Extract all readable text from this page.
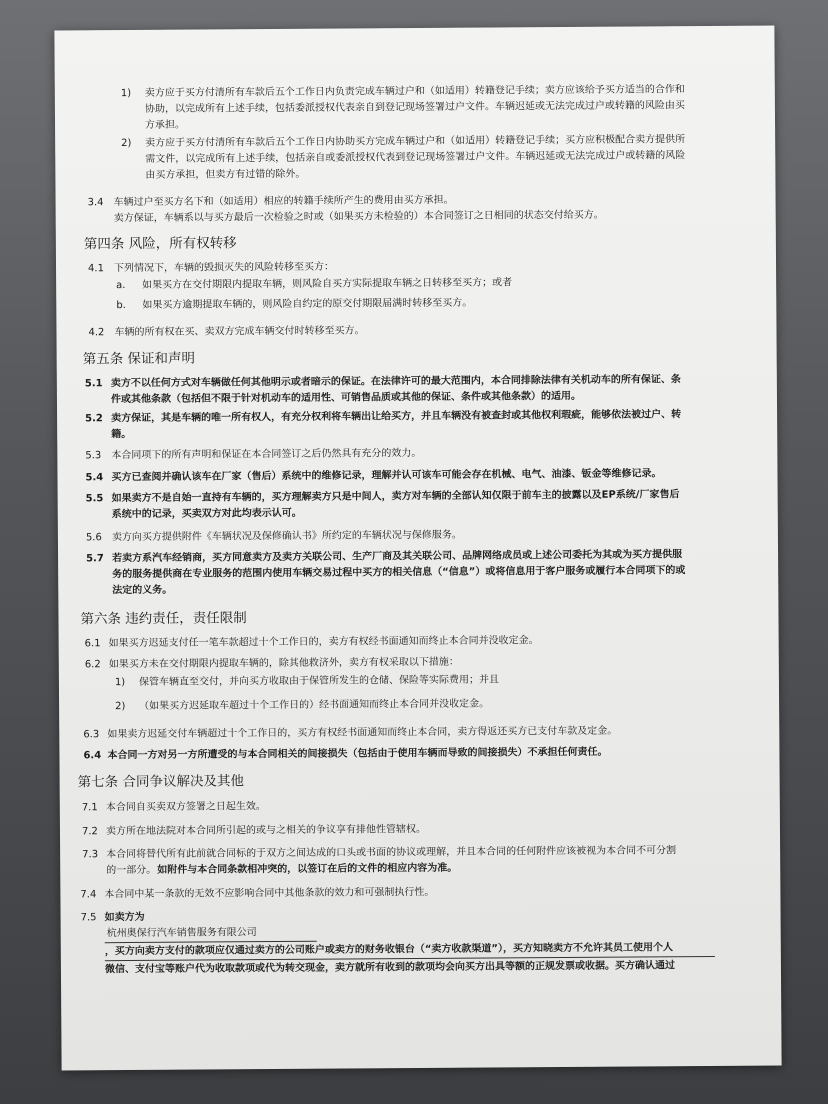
1) 卖方应于买方付清所有车款后五个工作日内负责完成车辆过户和（如适用）转籍登记手续；卖方应该给予买方适当的合作和
协助，以完成所有上述手续，包括委派授权代表亲自到登记现场签署过户文件。车辆迟延或无法完成过户或转籍的风险由买
方承担。
2) 卖方应于买方付清所有车款后五个工作日内协助买方完成车辆过户和（如适用）转籍登记手续；买方应积极配合卖方提供所
需文件，以完成所有上述手续，包括亲自或委派授权代表到登记现场签署过户文件。车辆迟延或无法完成过户或转籍的风险
由买方承担，但卖方有过错的除外。
3.4 车辆过户至买方名下和（如适用）相应的转籍手续所产生的费用由买方承担。
卖方保证，车辆系以与买方最后一次检验之时或（如果买方未检验的）本合同签订之日相同的状态交付给买方。
第四条 风险，所有权转移
4.1 下列情况下，车辆的毁损灭失的风险转移至买方：
a. 如果买方在交付期限内提取车辆，则风险自买方实际提取车辆之日转移至买方；或者
b. 如果买方逾期提取车辆的，则风险自约定的原交付期限届满时转移至买方。
4.2 车辆的所有权在买、卖双方完成车辆交付时转移至买方。
第五条 保证和声明
5.1 卖方不以任何方式对车辆做任何其他明示或者暗示的保证。在法律许可的最大范围内，本合同排除法律有关机动车的所有保证、条
件或其他条款（包括但不限于针对机动车的适用性、可销售品质或其他的保证、条件或其他条款）的适用。
5.2 卖方保证，其是车辆的唯一所有权人，有充分权利将车辆出让给买方，并且车辆没有被查封或其他权利瑕疵，能够依法被过户、转
籍。
5.3 本合同项下的所有声明和保证在本合同签订之后仍然具有充分的效力。
5.4 买方已查阅并确认该车在厂家（售后）系统中的维修记录，理解并认可该车可能会存在机械、电气、油漆、钣金等维修记录。
5.5 如果卖方不是自始一直持有车辆的，买方理解卖方只是中间人，卖方对车辆的全部认知仅限于前车主的披露以及EP系统/厂家售后
系统中的记录，买卖双方对此均表示认可。
5.6 卖方向买方提供附件《车辆状况及保修确认书》所约定的车辆状况与保修服务。
5.7 若卖方系汽车经销商，买方同意卖方及卖方关联公司、生产厂商及其关联公司、品牌网络成员或上述公司委托为其或为买方提供服
务的服务提供商在专业服务的范围内使用车辆交易过程中买方的相关信息（“信息”）或将信息用于客户服务或履行本合同项下的或
法定的义务。
第六条 违约责任，责任限制
6.1 如果买方迟延支付任一笔车款超过十个工作日的，卖方有权经书面通知而终止本合同并没收定金。
6.2 如果买方未在交付期限内提取车辆的，除其他救济外，卖方有权采取以下措施：
1) 保管车辆直至交付，并向买方收取由于保管所发生的仓储、保险等实际费用；并且
2) （如果买方迟延取车超过十个工作日的）经书面通知而终止本合同并没收定金。
6.3 如果卖方迟延交付车辆超过十个工作日的，买方有权经书面通知而终止本合同，卖方得返还买方已支付车款及定金。
6.4 本合同一方对另一方所遭受的与本合同相关的间接损失（包括由于使用车辆而导致的间接损失）不承担任何责任。
第七条 合同争议解决及其他
7.1 本合同自买卖双方签署之日起生效。
7.2 卖方所在地法院对本合同所引起的或与之相关的争议享有排他性管辖权。
7.3 本合同将替代所有此前就合同标的于双方之间达成的口头或书面的协议或理解，并且本合同的任何附件应该被视为本合同不可分割
的一部分。 如附件与本合同条款相冲突的，以签订在后的文件的相应内容为准。
7.4 本合同中某一条款的无效不应影响合同中其他条款的效力和可强制执行性。
7.5 如卖方为
杭州奥保行汽车销售服务有限公司
，买方向卖方支付的款项应仅通过卖方的公司账户或卖方的财务收银台（“卖方收款渠道”），买方知晓卖方不允许其员工使用个人
微信、支付宝等账户代为收取款项或代为转交现金，卖方就所有收到的款项均会向买方出具等额的正规发票或收据。买方确认通过
